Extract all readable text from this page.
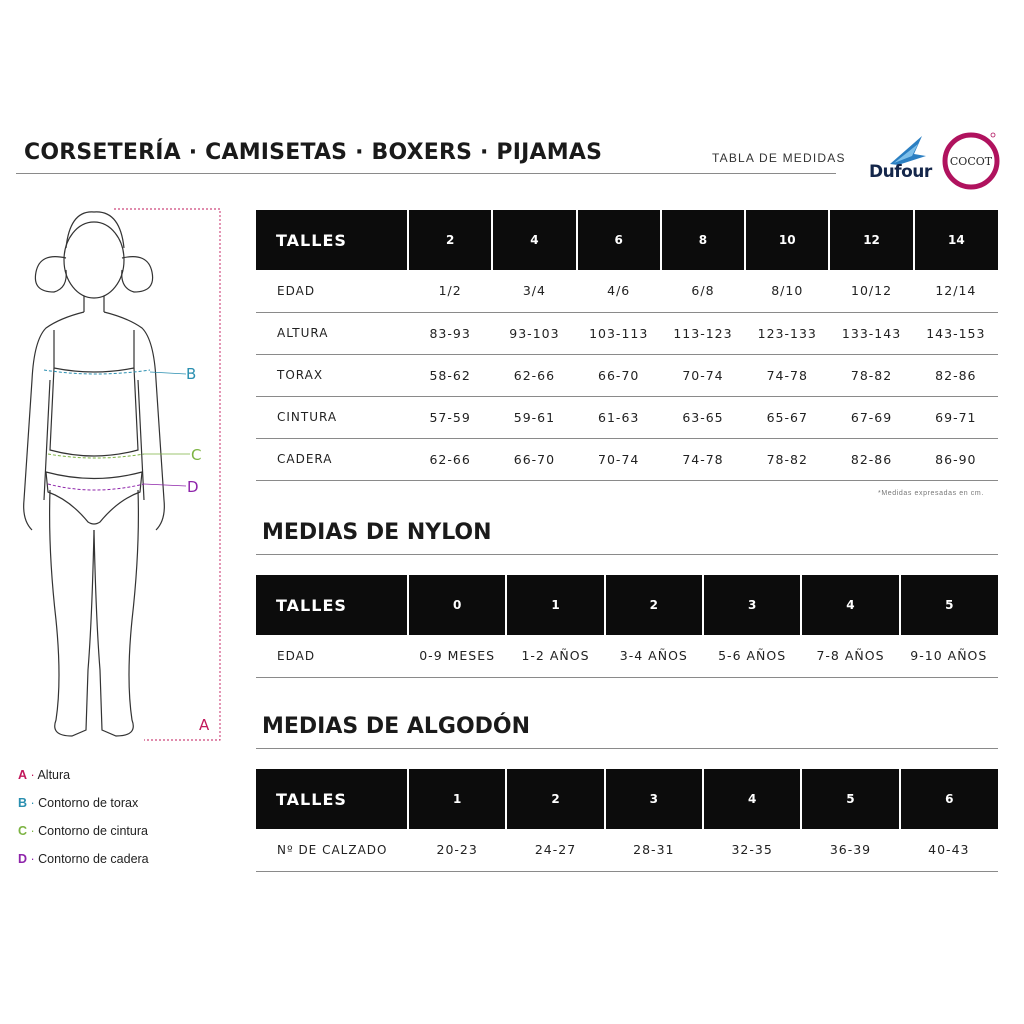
CORSETERÍA · CAMISETAS · BOXERS · PIJAMAS	TABLA DE MEDIDAS
Dufour
COCOT
A
B
C
D
A · Altura
B · Contorno de torax
C · Contorno de cintura
D · Contorno de cadera
TALLES	2	4	6	8	10	12	14
EDAD	1/2	3/4	4/6	6/8	8/10	10/12	12/14
ALTURA	83-93	93-103	103-113	113-123	123-133	133-143	143-153
TORAX	58-62	62-66	66-70	70-74	74-78	78-82	82-86
CINTURA	57-59	59-61	61-63	63-65	65-67	67-69	69-71
CADERA	62-66	66-70	70-74	74-78	78-82	82-86	86-90
*Medidas expresadas en cm.
MEDIAS DE NYLON
TALLES	0	1	2	3	4	5
EDAD	0-9 MESES	1-2 AÑOS	3-4 AÑOS	5-6 AÑOS	7-8 AÑOS	9-10 AÑOS
MEDIAS DE ALGODÓN
TALLES	1	2	3	4	5	6
Nº DE CALZADO	20-23	24-27	28-31	32-35	36-39	40-43
